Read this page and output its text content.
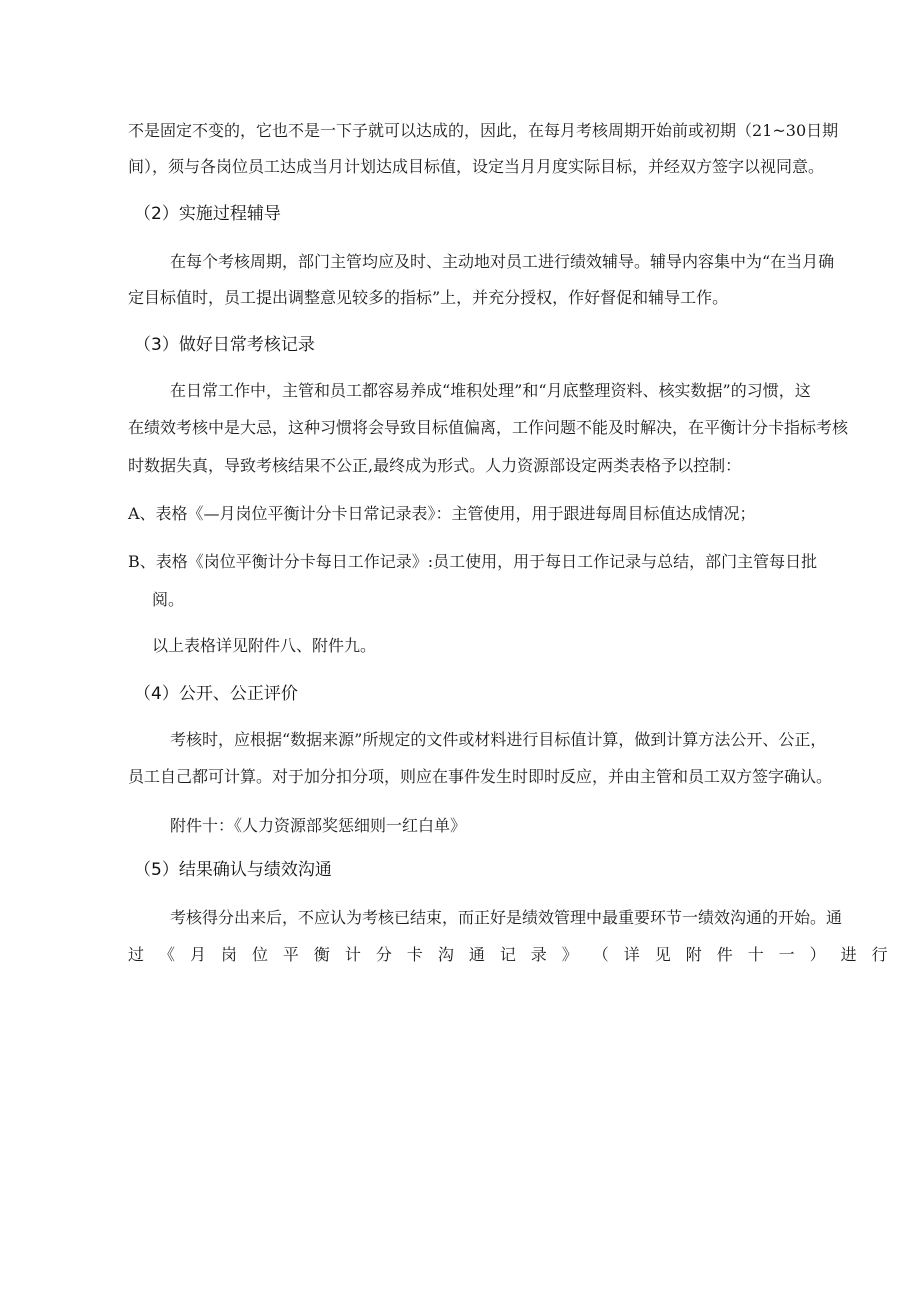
不是固定不变的，它也不是一下子就可以达成的，因此，在每月考核周期开始前或初期（21~30日期
间），须与各岗位员工达成当月计划达成目标值，设定当月月度实际目标，并经双方签字以视同意。
（2）实施过程辅导
在每个考核周期，部门主管均应及时、主动地对员工进行绩效辅导。辅导内容集中为“在当月确
定目标值时，员工提出调整意见较多的指标”上，并充分授权，作好督促和辅导工作。
（3）做好日常考核记录
在日常工作中，主管和员工都容易养成“堆积处理”和“月底整理资料、核实数据”的习惯，这
在绩效考核中是大忌，这种习惯将会导致目标值偏离，工作问题不能及时解决，在平衡计分卡指标考核
时数据失真，导致考核结果不公正,最终成为形式。人力资源部设定两类表格予以控制：
A、表格《—月岗位平衡计分卡日常记录表》：主管使用，用于跟进每周目标值达成情况；
B、表格《岗位平衡计分卡每日工作记录》:员工使用，用于每日工作记录与总结，部门主管每日批
阅。
以上表格详见附件八、附件九。
（4）公开、公正评价
考核时，应根据“数据来源”所规定的文件或材料进行目标值计算，做到计算方法公开、公正，
员工自己都可计算。对于加分扣分项，则应在事件发生时即时反应，并由主管和员工双方签字确认。
附件十：《人力资源部奖惩细则一红白单》
（5）结果确认与绩效沟通
考核得分出来后，不应认为考核已结束，而正好是绩效管理中最重要环节一绩效沟通的开始。通
过 《 月 岗 位 平 衡 计 分 卡 沟 通 记 录 》 （ 详 见 附 件 十 一 ） 进 行
